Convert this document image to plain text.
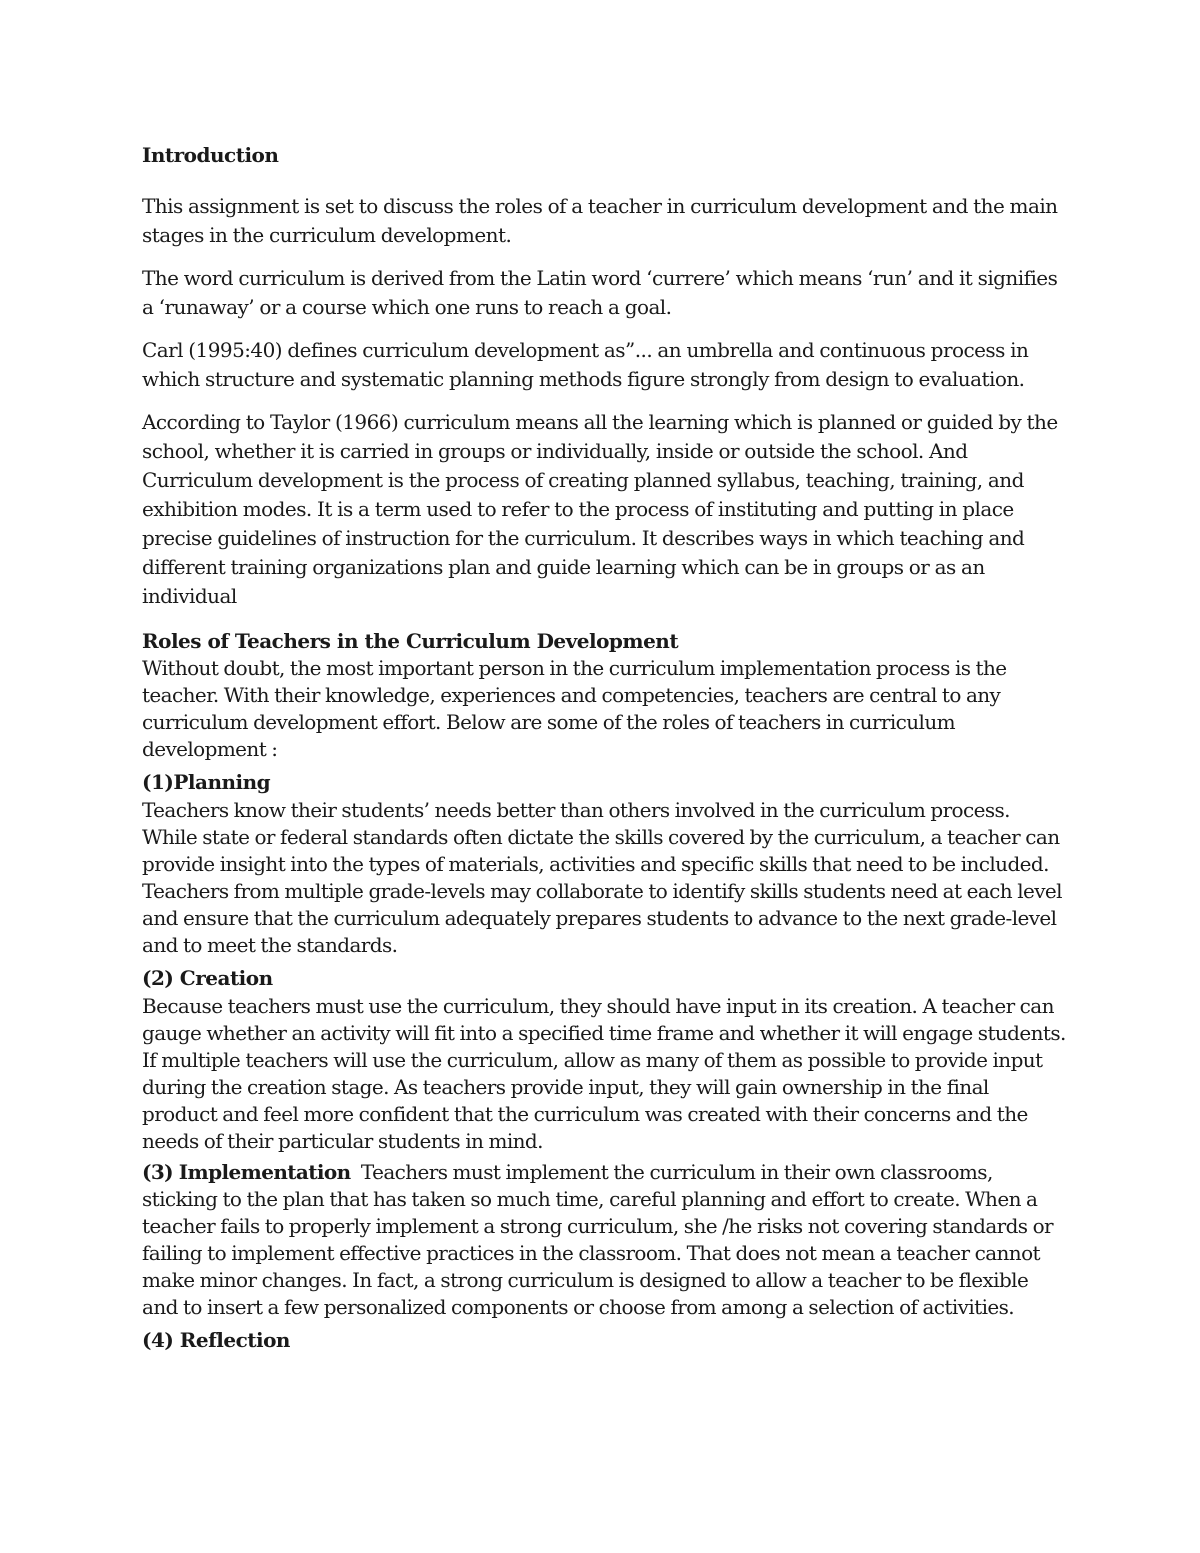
Introduction

This assignment is set to discuss the roles of a teacher in curriculum development and the main stages in the curriculum development.

The word curriculum is derived from the Latin word ‘currere’ which means ‘run’ and it signifies a ‘runaway’ or a course which one runs to reach a goal.

Carl (1995:40) defines curriculum development as”... an umbrella and continuous process in which structure and systematic planning methods figure strongly from design to evaluation.

According to Taylor (1966) curriculum means all the learning which is planned or guided by the school, whether it is carried in groups or individually, inside or outside the school. And Curriculum development is the process of creating planned syllabus, teaching, training, and exhibition modes. It is a term used to refer to the process of instituting and putting in place precise guidelines of instruction for the curriculum. It describes ways in which teaching and different training organizations plan and guide learning which can be in groups or as an individual

Roles of Teachers in the Curriculum Development

Without doubt, the most important person in the curriculum implementation process is the teacher. With their knowledge, experiences and competencies, teachers are central to any curriculum development effort. Below are some of the roles of teachers in curriculum development :

(1)Planning

Teachers know their students’ needs better than others involved in the curriculum process. While state or federal standards often dictate the skills covered by the curriculum, a teacher can provide insight into the types of materials, activities and specific skills that need to be included. Teachers from multiple grade-levels may collaborate to identify skills students need at each level and ensure that the curriculum adequately prepares students to advance to the next grade-level and to meet the standards.

(2) Creation

Because teachers must use the curriculum, they should have input in its creation. A teacher can gauge whether an activity will fit into a specified time frame and whether it will engage students. If multiple teachers will use the curriculum, allow as many of them as possible to provide input during the creation stage. As teachers provide input, they will gain ownership in the final product and feel more confident that the curriculum was created with their concerns and the needs of their particular students in mind.

(3) Implementation Teachers must implement the curriculum in their own classrooms, sticking to the plan that has taken so much time, careful planning and effort to create. When a teacher fails to properly implement a strong curriculum, she /he risks not covering standards or failing to implement effective practices in the classroom. That does not mean a teacher cannot make minor changes. In fact, a strong curriculum is designed to allow a teacher to be flexible and to insert a few personalized components or choose from among a selection of activities.

(4) Reflection
